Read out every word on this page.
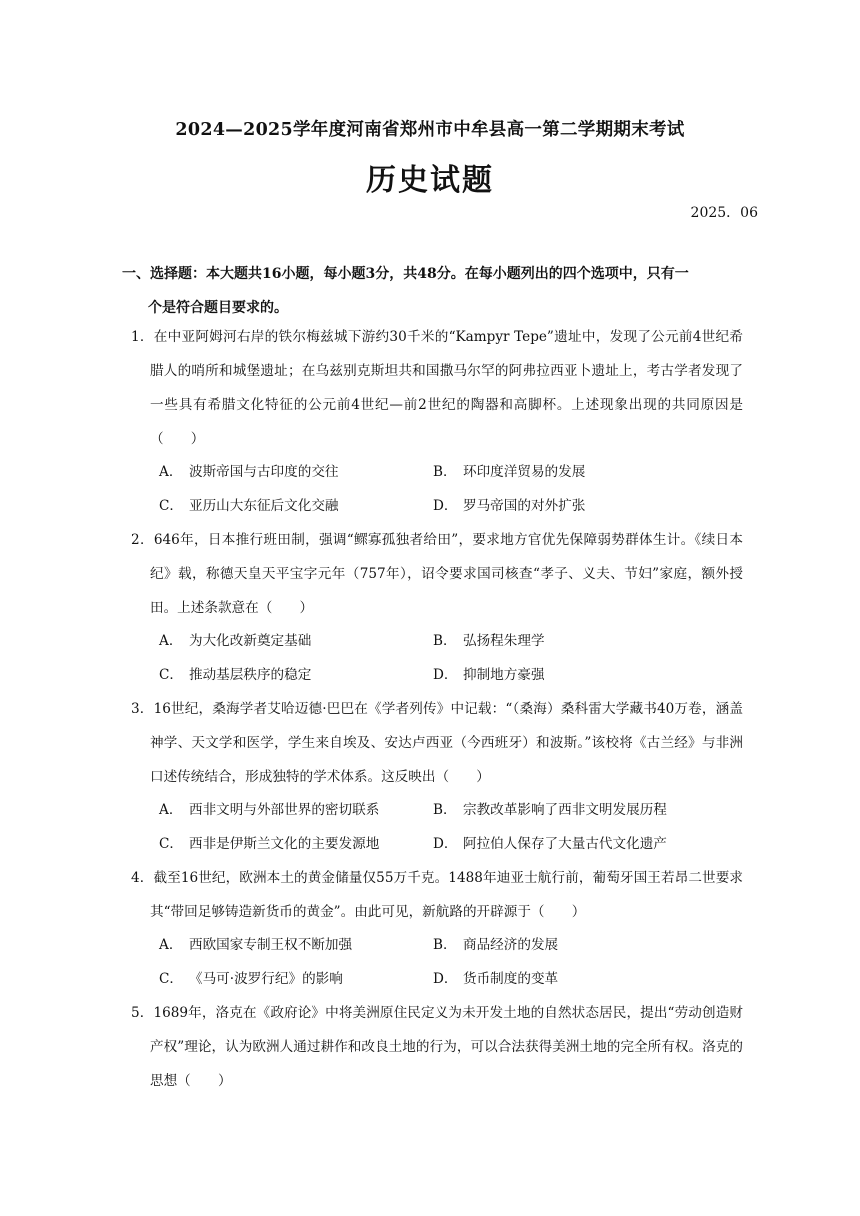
2024—2025学年度河南省郑州市中牟县高一第二学期期末考试
历史试题
2025．06
一、选择题：本大题共16小题，每小题3分，共48分。在每小题列出的四个选项中，只有一

个是符合题目要求的。
1．在中亚阿姆河右岸的铁尔梅兹城下游约30千米的“Kampyr Tepe”遗址中，发现了公元前4世纪希腊人的哨所和城堡遗址；在乌兹别克斯坦共和国撒马尔罕的阿弗拉西亚卜遗址上，考古学者发现了一些具有希腊文化特征的公元前4世纪—前2世纪的陶器和高脚杯。上述现象出现的共同原因是（　　）
A． 波斯帝国与古印度的交往	B． 环印度洋贸易的发展
C． 亚历山大东征后文化交融	D． 罗马帝国的对外扩张
2．646年，日本推行班田制，强调“鳏寡孤独者给田”，要求地方官优先保障弱势群体生计。《续日本纪》载，称德天皇天平宝字元年（757年），诏令要求国司核查“孝子、义夫、节妇”家庭，额外授田。上述条款意在（　　）
A． 为大化改新奠定基础	B． 弘扬程朱理学
C． 推动基层秩序的稳定	D． 抑制地方豪强
3．16世纪，桑海学者艾哈迈德·巴巴在《学者列传》中记载：“（桑海）桑科雷大学藏书40万卷，涵盖神学、天文学和医学，学生来自埃及、安达卢西亚（今西班牙）和波斯。”该校将《古兰经》与非洲口述传统结合，形成独特的学术体系。这反映出（　　）
A． 西非文明与外部世界的密切联系	B． 宗教改革影响了西非文明发展历程
C． 西非是伊斯兰文化的主要发源地	D． 阿拉伯人保存了大量古代文化遗产
4．截至16世纪，欧洲本土的黄金储量仅55万千克。1488年迪亚士航行前，葡萄牙国王若昂二世要求其“带回足够铸造新货币的黄金”。由此可见，新航路的开辟源于（　　）
A． 西欧国家专制王权不断加强	B． 商品经济的发展
C． 《马可·波罗行纪》的影响	D． 货币制度的变革
5．1689年，洛克在《政府论》中将美洲原住民定义为未开发土地的自然状态居民，提出“劳动创造财产权”理论，认为欧洲人通过耕作和改良土地的行为，可以合法获得美洲土地的完全所有权。洛克的思想（　　）
